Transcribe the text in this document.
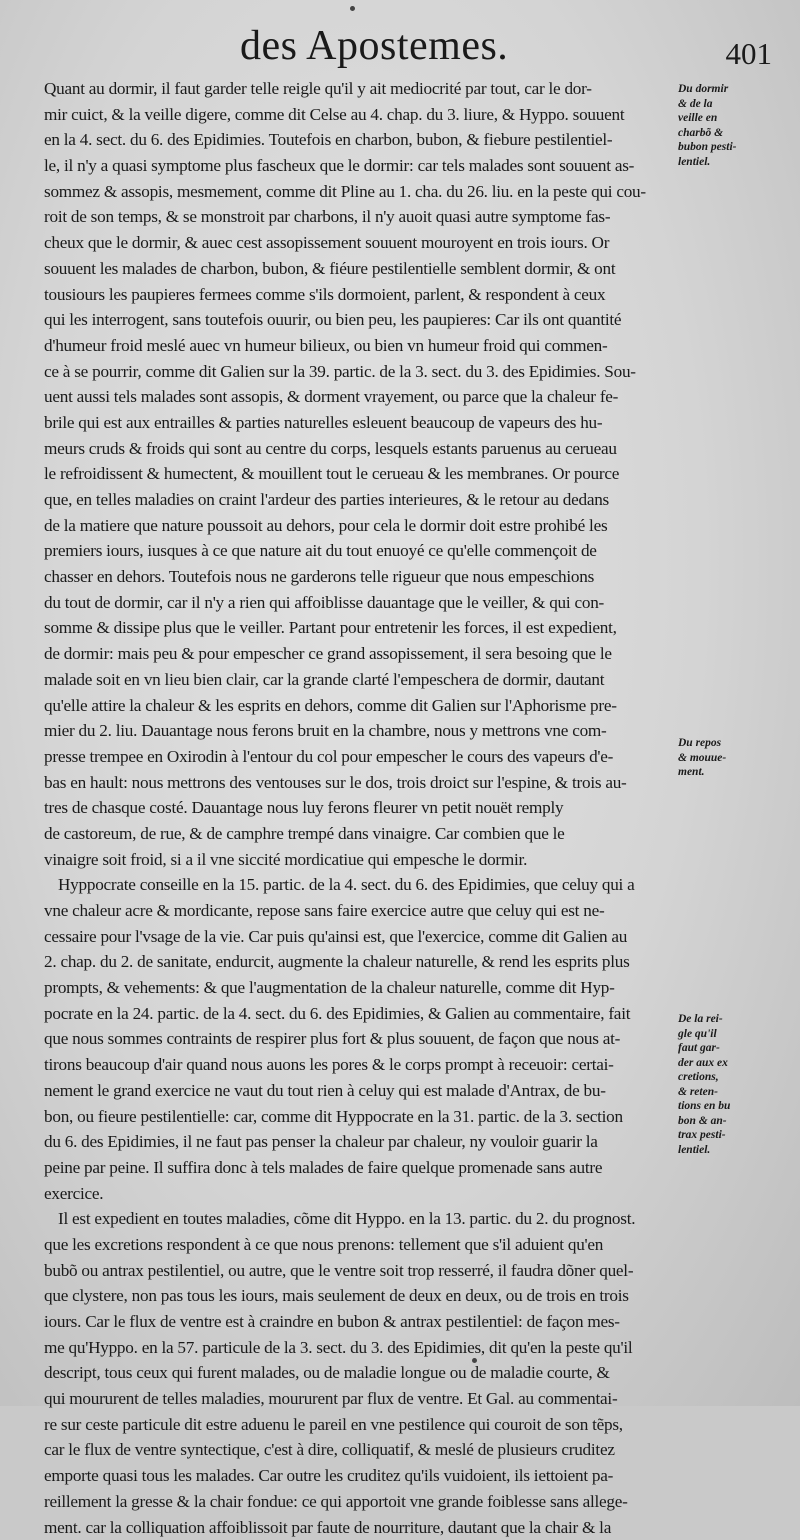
des Apostemes.	401
Quant au dormir, il faut garder telle reigle qu'il y ait mediocrité par tout, car le dor-
mir cuict, & la veille digere, comme dit Celse au 4. chap. du 3. liure, & Hyppo. souuent
en la 4. sect. du 6. des Epidimies. Toutefois en charbon, bubon, & fiebure pestilentiel-
le, il n'y a quasi symptome plus fascheux que le dormir: car tels malades sont souuent as-
sommez & assopis, mesmement, comme dit Pline au 1. cha. du 26. liu. en la peste qui cou-
roit de son temps, & se monstroit par charbons, il n'y auoit quasi autre symptome fas-
cheux que le dormir, & auec cest assopissement souuent mouroyent en trois iours. Or
souuent les malades de charbon, bubon, & fiéure pestilentielle semblent dormir, & ont
tousiours les paupieres fermees comme s'ils dormoient, parlent, & respondent à ceux
qui les interrogent, sans toutefois ouurir, ou bien peu, les paupieres: Car ils ont quantité
d'humeur froid meslé auec vn humeur bilieux, ou bien vn humeur froid qui commen-
ce à se pourrir, comme dit Galien sur la 39. partic. de la 3. sect. du 3. des Epidimies. Sou-
uent aussi tels malades sont assopis, & dorment vrayement, ou parce que la chaleur fe-
brile qui est aux entrailles & parties naturelles esleuent beaucoup de vapeurs des hu-
meurs cruds & froids qui sont au centre du corps, lesquels estants paruenus au cerueau
le refroidissent & humectent, & mouillent tout le cerueau & les membranes. Or pource
que, en telles maladies on craint l'ardeur des parties interieures, & le retour au dedans
de la matiere que nature poussoit au dehors, pour cela le dormir doit estre prohibé les
premiers iours, iusques à ce que nature ait du tout enuoyé ce qu'elle commençoit de
chasser en dehors. Toutefois nous ne garderons telle rigueur que nous empeschions
du tout de dormir, car il n'y a rien qui affoiblisse dauantage que le veiller, & qui con-
somme & dissipe plus que le veiller. Partant pour entretenir les forces, il est expedient,
de dormir: mais peu & pour empescher ce grand assopissement, il sera besoing que le
malade soit en vn lieu bien clair, car la grande clarté l'empeschera de dormir, dautant
qu'elle attire la chaleur & les esprits en dehors, comme dit Galien sur l'Aphorisme pre-
mier du 2. liu. Dauantage nous ferons bruit en la chambre, nous y mettrons vne com-
presse trempee en Oxirodin à l'entour du col pour empescher le cours des vapeurs d'e-
bas en hault: nous mettrons des ventouses sur le dos, trois droict sur l'espine, & trois au-
tres de chasque costé. Dauantage nous luy ferons fleurer vn petit nouët remply
de castoreum, de rue, & de camphre trempé dans vinaigre. Car combien que le
vinaigre soit froid, si a il vne siccité mordicatiue qui empesche le dormir.
Hyppocrate conseille en la 15. partic. de la 4. sect. du 6. des Epidimies, que celuy qui a
vne chaleur acre & mordicante, repose sans faire exercice autre que celuy qui est ne-
cessaire pour l'vsage de la vie. Car puis qu'ainsi est, que l'exercice, comme dit Galien au
2. chap. du 2. de sanitate, endurcit, augmente la chaleur naturelle, & rend les esprits plus
prompts, & vehements: & que l'augmentation de la chaleur naturelle, comme dit Hyp-
pocrate en la 24. partic. de la 4. sect. du 6. des Epidimies, & Galien au commentaire, fait
que nous sommes contraints de respirer plus fort & plus souuent, de façon que nous at-
tirons beaucoup d'air quand nous auons les pores & le corps prompt à receuoir: certai-
nement le grand exercice ne vaut du tout rien à celuy qui est malade d'Antrax, de bu-
bon, ou fieure pestilentielle: car, comme dit Hyppocrate en la 31. partic. de la 3. section
du 6. des Epidimies, il ne faut pas penser la chaleur par chaleur, ny vouloir guarir la
peine par peine. Il suffira donc à tels malades de faire quelque promenade sans autre
exercice.
Il est expedient en toutes maladies, cõme dit Hyppo. en la 13. partic. du 2. du prognost.
que les excretions respondent à ce que nous prenons: tellement que s'il aduient qu'en
bubõ ou antrax pestilentiel, ou autre, que le ventre soit trop resserré, il faudra dõner quel-
que clystere, non pas tous les iours, mais seulement de deux en deux, ou de trois en trois
iours. Car le flux de ventre est à craindre en bubon & antrax pestilentiel: de façon mes-
me qu'Hyppo. en la 57. particule de la 3. sect. du 3. des Epidimies, dit qu'en la peste qu'il
descript, tous ceux qui furent malades, ou de maladie longue ou de maladie courte, &
qui moururent de telles maladies, moururent par flux de ventre. Et Gal. au commentai-
re sur ceste particule dit estre aduenu le pareil en vne pestilence qui couroit de son tẽps,
car le flux de ventre syntectique, c'est à dire, colliquatif, & meslé de plusieurs cruditez
emporte quasi tous les malades. Car outre les cruditez qu'ils vuidoient, ils iettoient pa-
reillement la gresse & la chair fondue: ce qui apportoit vne grande foiblesse sans allege-
ment. car la colliquation affoiblissoit par faute de nourriture, dautant que la chair & la
Du dormir
& de la
veille en
charbõ &
bubon pesti-
lentiel.
Du repos
& mouue-
ment.
De la rei-
gle qu'il
faut gar-
der aux ex
cretions,
& reten-
tions en bu
bon & an-
trax pesti-
lentiel.
